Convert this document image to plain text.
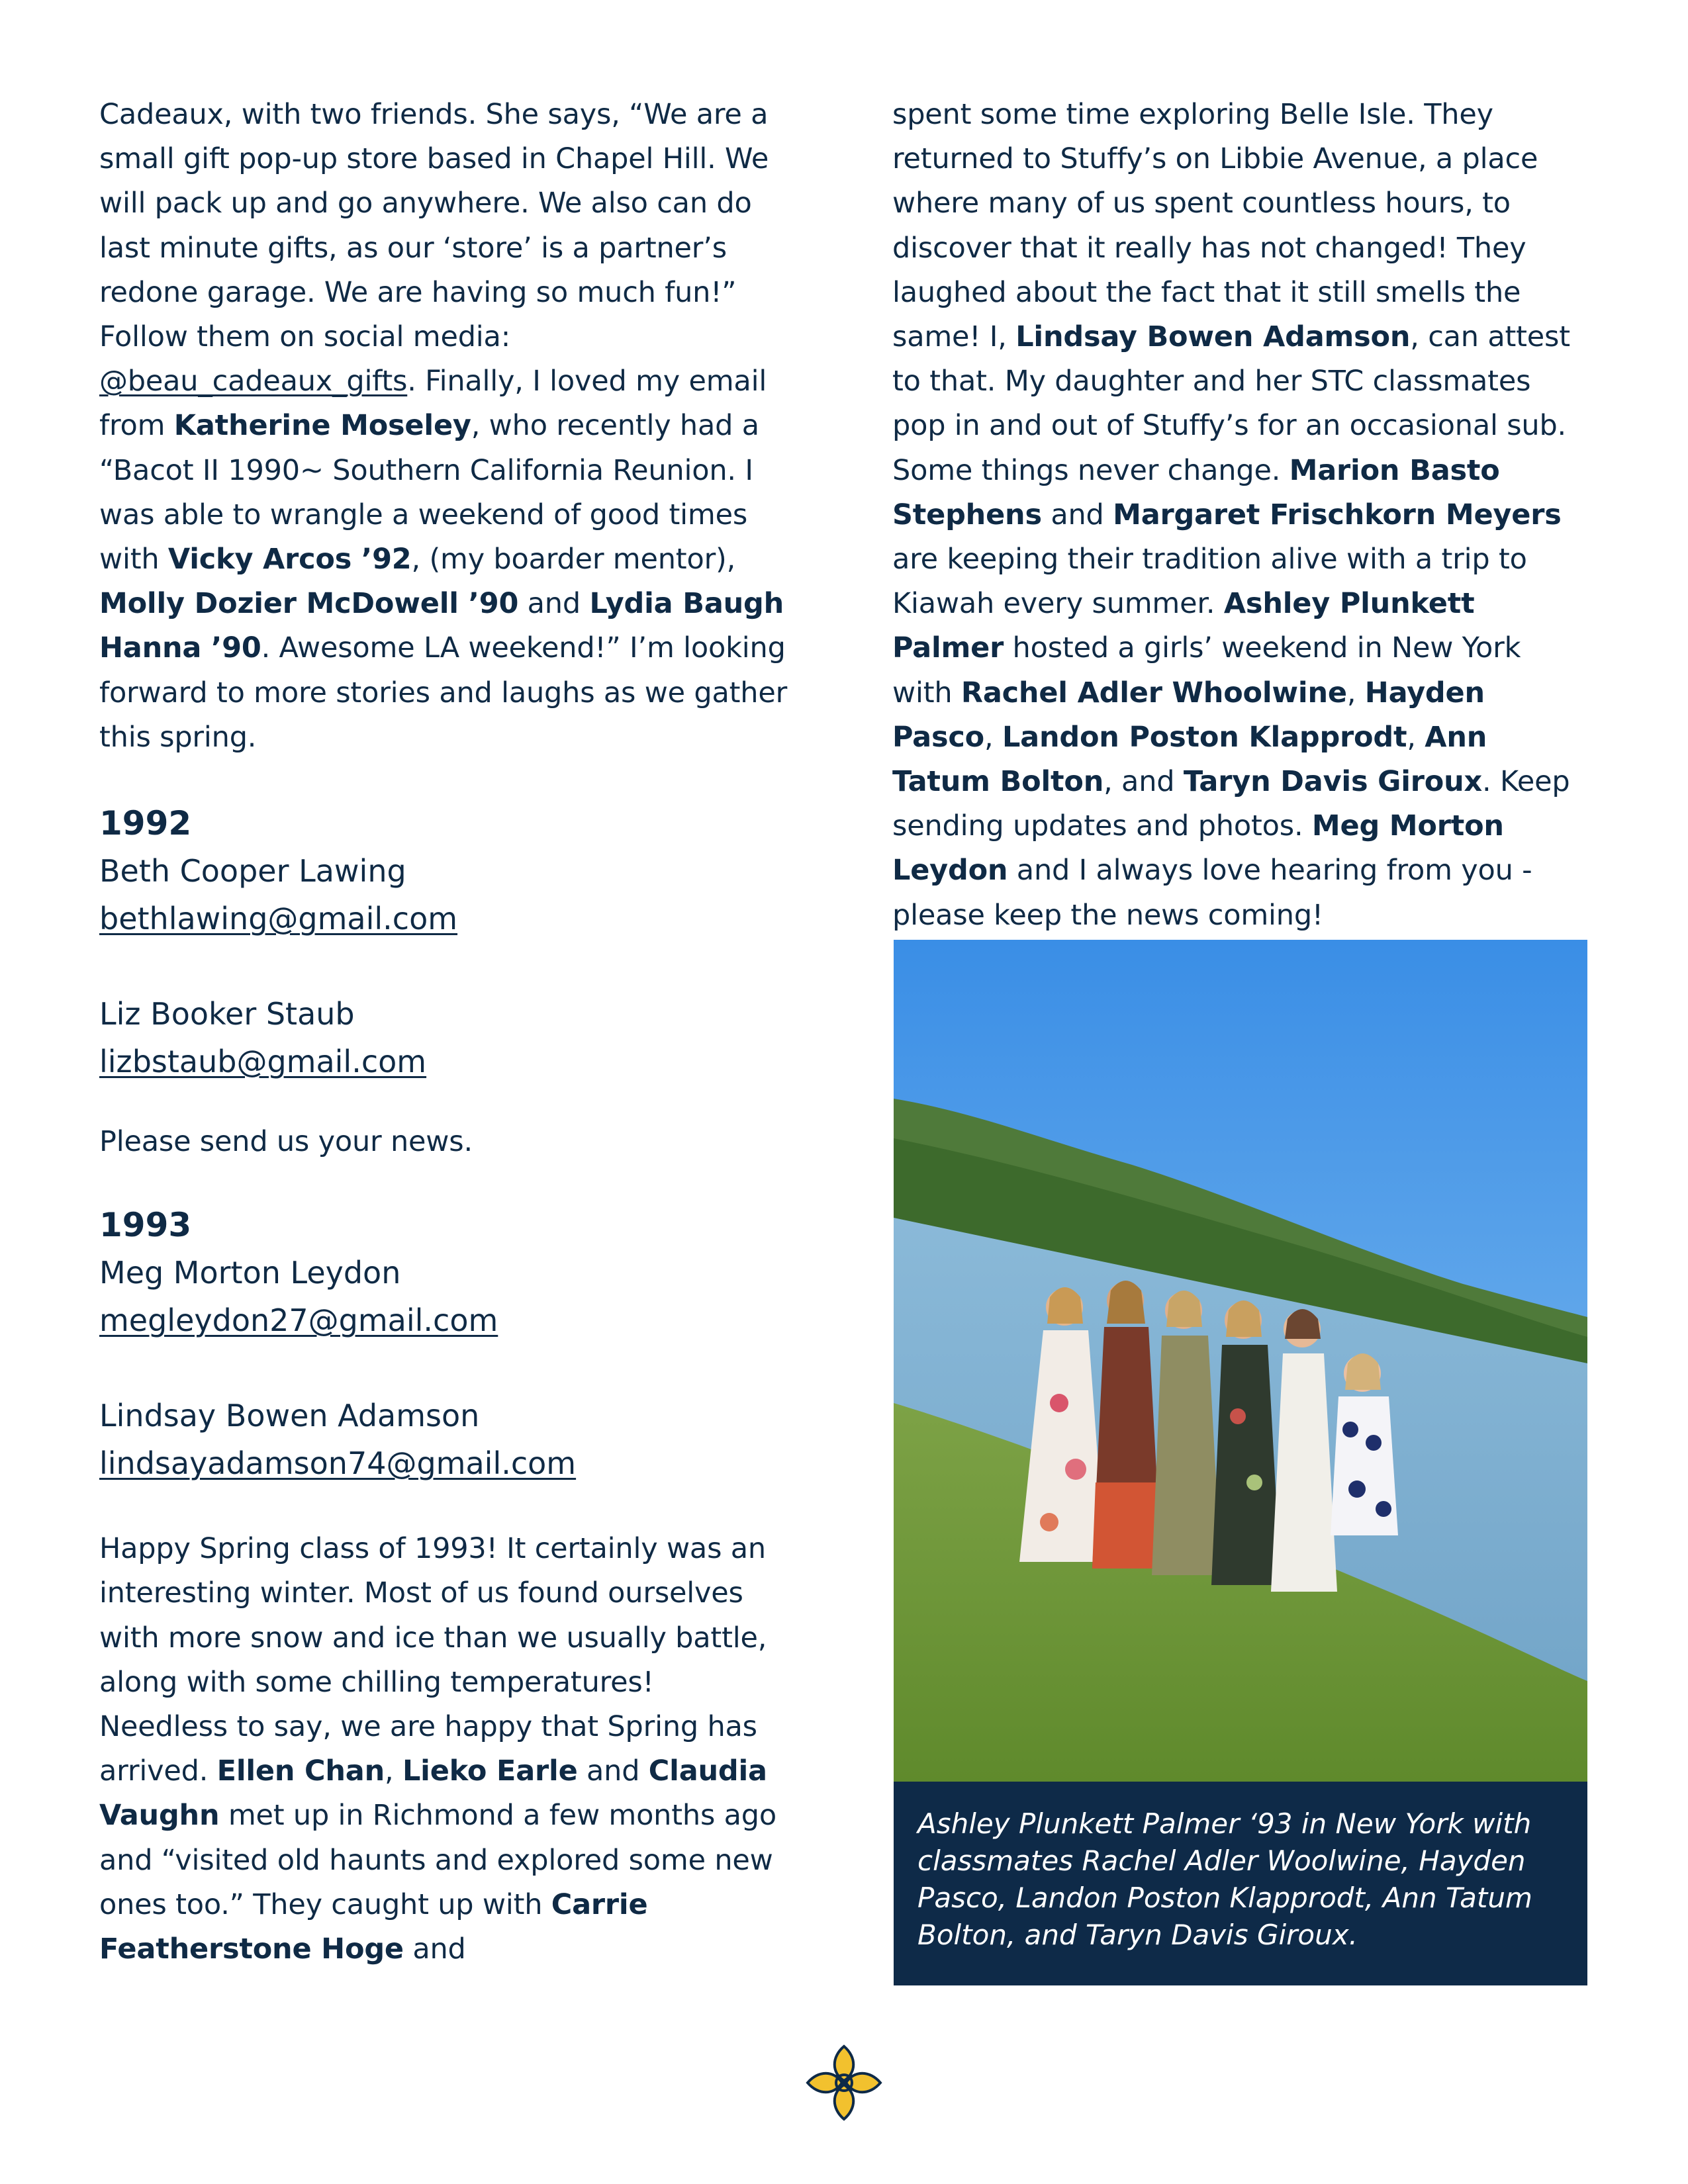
Cadeaux, with two friends. She says, “We are a small gift pop-up store based in Chapel Hill. We will pack up and go anywhere. We also can do last minute gifts, as our ‘store’ is a partner’s redone garage. We are having so much fun!” Follow them on social media: @beau_cadeaux_gifts. Finally, I loved my email from Katherine Moseley, who recently had a “Bacot II 1990~ Southern California Reunion. I was able to wrangle a weekend of good times with Vicky Arcos ’92, (my boarder mentor), Molly Dozier McDowell ’90 and Lydia Baugh Hanna ’90. Awesome LA weekend!” I’m looking forward to more stories and laughs as we gather this spring.

1992

Beth Cooper Lawing

bethlawing@gmail.com

Liz Booker Staub

lizbstaub@gmail.com

Please send us your news.

1993

Meg Morton Leydon

megleydon27@gmail.com

Lindsay Bowen Adamson

lindsayadamson74@gmail.com

Happy Spring class of 1993! It certainly was an interesting winter. Most of us found ourselves with more snow and ice than we usually battle, along with some chilling temperatures! Needless to say, we are happy that Spring has arrived. Ellen Chan, Lieko Earle and Claudia Vaughn met up in Richmond a few months ago and “visited old haunts and explored some new ones too.” They caught up with Carrie Featherstone Hoge and

spent some time exploring Belle Isle. They returned to Stuffy’s on Libbie Avenue, a place where many of us spent countless hours, to discover that it really has not changed! They laughed about the fact that it still smells the same! I, Lindsay Bowen Adamson, can attest to that. My daughter and her STC classmates pop in and out of Stuffy’s for an occasional sub. Some things never change. Marion Basto Stephens and Margaret Frischkorn Meyers are keeping their tradition alive with a trip to Kiawah every summer. Ashley Plunkett Palmer hosted a girls’ weekend in New York with Rachel Adler Whoolwine, Hayden Pasco, Landon Poston Klapprodt, Ann Tatum Bolton, and Taryn Davis Giroux. Keep sending updates and photos. Meg Morton Leydon and I always love hearing from you - please keep the news coming!

Ashley Plunkett Palmer ‘93 in New York with classmates Rachel Adler Woolwine, Hayden Pasco, Landon Poston Klapprodt, Ann Tatum Bolton, and Taryn Davis Giroux.
